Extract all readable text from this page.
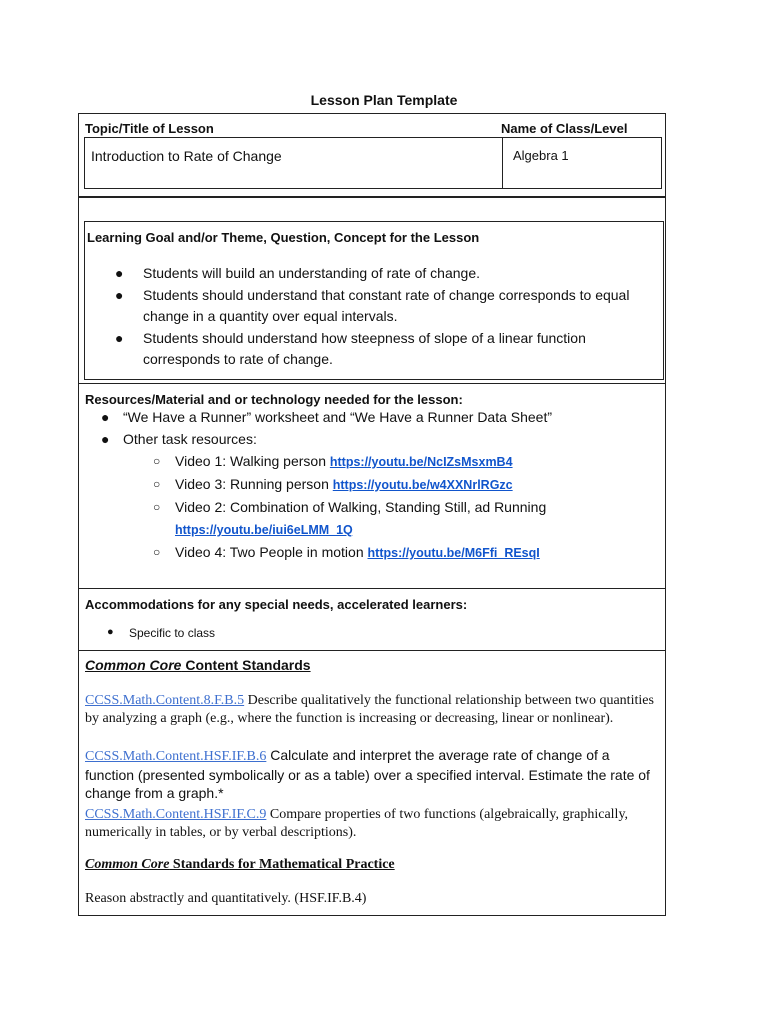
Lesson Plan Template
Topic/Title of Lesson	Name of Class/Level
Introduction to Rate of Change	Algebra 1
Learning Goal and/or Theme, Question, Concept for the Lesson
● Students will build an understanding of rate of change.
● Students should understand that constant rate of change corresponds to equal change in a quantity over equal intervals.
● Students should understand how steepness of slope of a linear function corresponds to rate of change.
Resources/Material and or technology needed for the lesson:
● “We Have a Runner” worksheet and “We Have a Runner Data Sheet”
● Other task resources:
○ Video 1: Walking person https://youtu.be/NcIZsMsxmB4
○ Video 3: Running person https://youtu.be/w4XXNrlRGzc
○ Video 2: Combination of Walking, Standing Still, ad Running https://youtu.be/iui6eLMM_1Q
○ Video 4: Two People in motion https://youtu.be/M6Ffi_REsqI
Accommodations for any special needs, accelerated learners:
● Specific to class
Common Core Content Standards
CCSS.Math.Content.8.F.B.5 Describe qualitatively the functional relationship between two quantities by analyzing a graph (e.g., where the function is increasing or decreasing, linear or nonlinear).
CCSS.Math.Content.HSF.IF.B.6 Calculate and interpret the average rate of change of a function (presented symbolically or as a table) over a specified interval. Estimate the rate of change from a graph.*
CCSS.Math.Content.HSF.IF.C.9 Compare properties of two functions (algebraically, graphically, numerically in tables, or by verbal descriptions).
Common Core Standards for Mathematical Practice
Reason abstractly and quantitatively. (HSF.IF.B.4)
